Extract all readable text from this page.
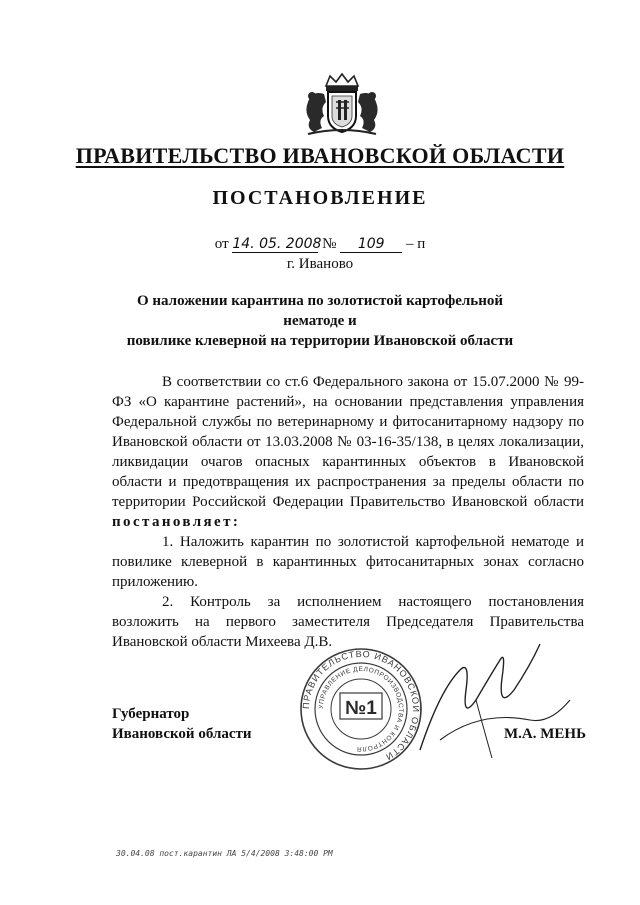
ПРАВИТЕЛЬСТВО ИВАНОВСКОЙ ОБЛАСТИ
ПОСТАНОВЛЕНИЕ
от 14. 05. 2008 № 109 – п
г. Иваново
О наложении карантина по золотистой картофельной нематоде и
повилике клеверной на территории Ивановской области

В соответствии со ст.6 Федерального закона от 15.07.2000 № 99-ФЗ «О карантине растений», на основании представления управления Федеральной службы по ветеринарному и фитосанитарному надзору по Ивановской области от 13.03.2008 № 03-16-35/138, в целях локализации, ликвидации очагов опасных карантинных объектов в Ивановской области и предотвращения их распространения за пределы области по территории Российской Федерации Правительство Ивановской области постановляет:

1. Наложить карантин по золотистой картофельной нематоде и повилике клеверной в карантинных фитосанитарных зонах согласно приложению.

2. Контроль за исполнением настоящего постановления возложить на первого заместителя Председателя Правительства Ивановской области Михеева Д.В.

Губернатор
Ивановской области
ПРАВИТЕЛЬСТВО ИВАНОВСКОЙ ОБЛАСТИ
УПРАВЛЕНИЕ ДЕЛОПРОИЗВОДСТВА И КОНТРОЛЯ
№1
М.А. МЕНЬ
30.04.08 пост.карантин ЛА 5/4/2008 3:48:00 PM
